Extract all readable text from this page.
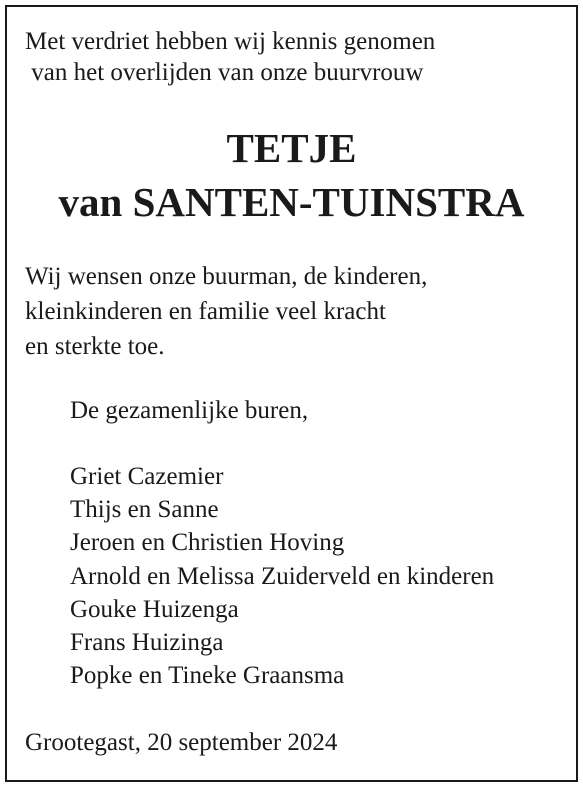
Met verdriet hebben wij kennis genomen
van het overlijden van onze buurvrouw

TETJE
van SANTEN-TUINSTRA

Wij wensen onze buurman, de kinderen,
kleinkinderen en familie veel kracht
en sterkte toe.

De gezamenlijke buren,

Griet Cazemier
Thijs en Sanne
Jeroen en Christien Hoving
Arnold en Melissa Zuiderveld en kinderen
Gouke Huizenga
Frans Huizinga
Popke en Tineke Graansma

Grootegast, 20 september 2024
